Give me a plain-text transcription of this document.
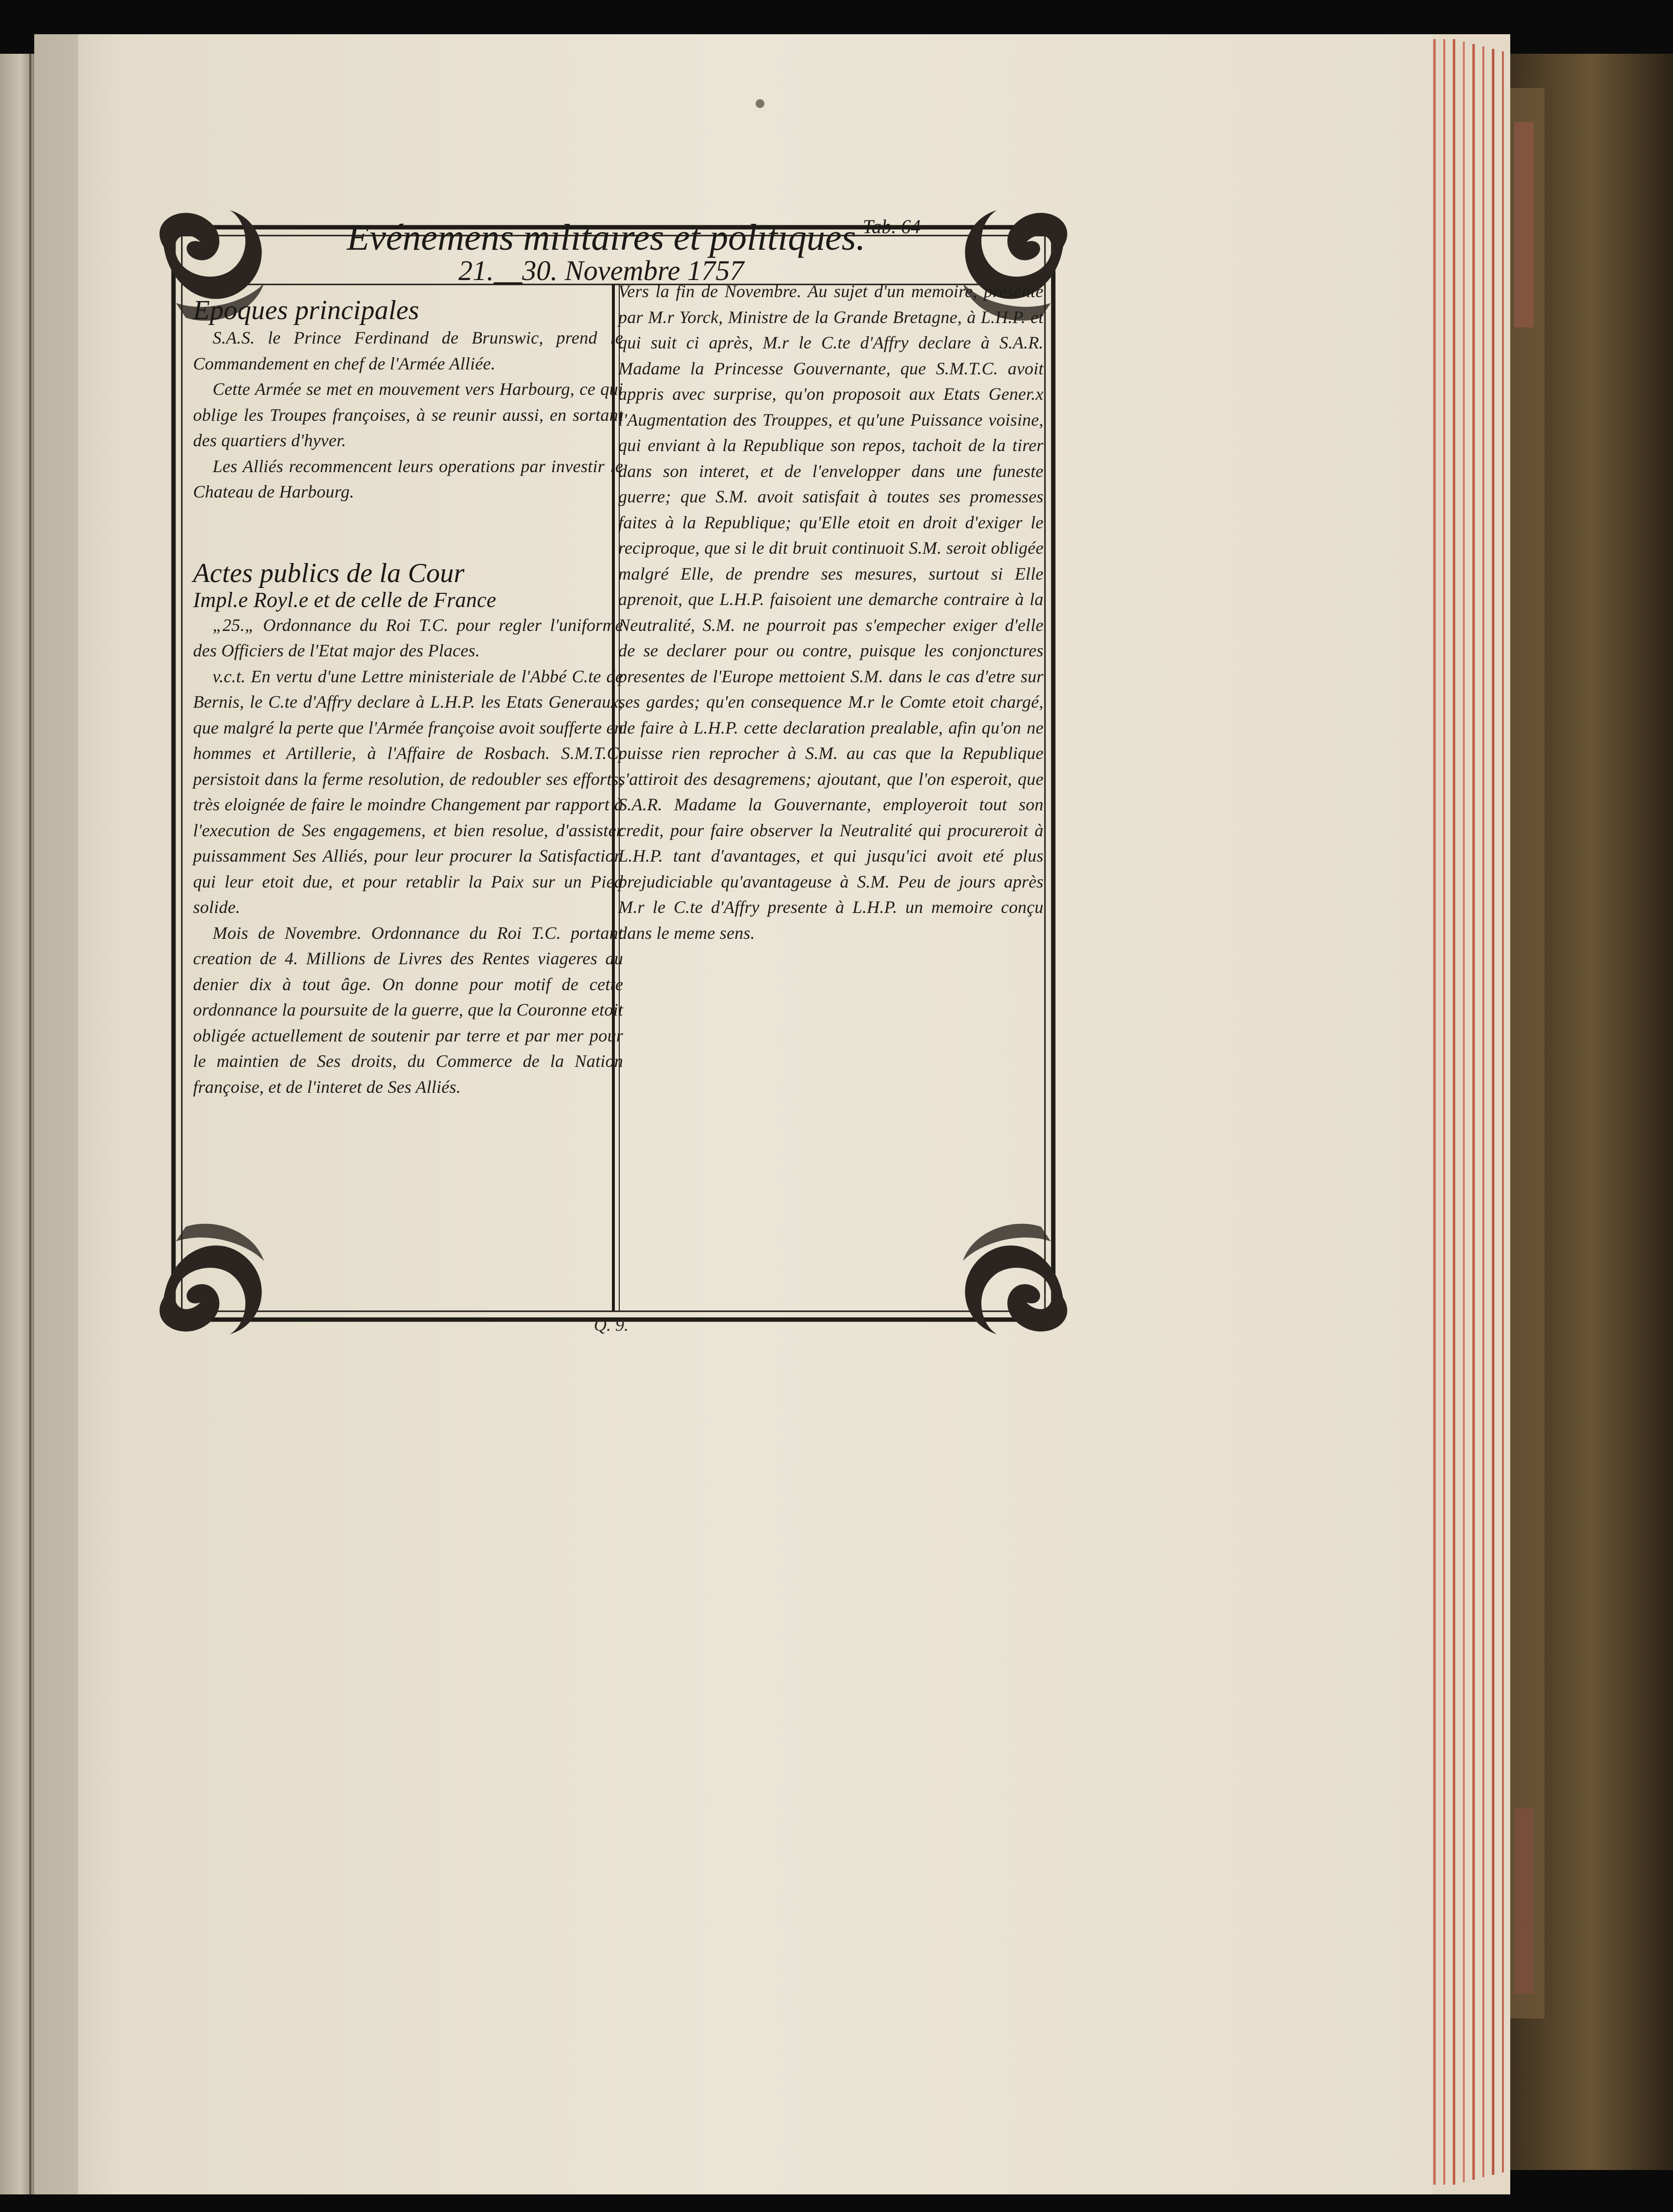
Evénemens militaires et politiques.
Tab. 64
21.__30. Novembre 1757

Epoques principales

S.A.S. le Prince Ferdinand de Brunswic, prend le Commandement en chef de l'Armée Alliée.

Cette Armée se met en mouvement vers Harbourg, ce qui oblige les Troupes françoises, à se reunir aussi, en sortant des quartiers d'hyver.

Les Alliés recommencent leurs operations par investir le Chateau de Harbourg.

Actes publics de la Cour

Impl.e Royl.e et de celle de France

„25.„ Ordonnance du Roi T.C. pour regler l'uniforme des Officiers de l'Etat major des Places.

v.c.t. En vertu d'une Lettre ministeriale de l'Abbé C.te de Bernis, le C.te d'Affry declare à L.H.P. les Etats Generaux, que malgré la perte que l'Armée françoise avoit soufferte en hommes et Artillerie, à l'Affaire de Rosbach. S.M.T.C. persistoit dans la ferme resolution, de redoubler ses efforts, très eloignée de faire le moindre Changement par rapport à l'execution de Ses engagemens, et bien resolue, d'assister puissamment Ses Alliés, pour leur procurer la Satisfaction qui leur etoit due, et pour retablir la Paix sur un Pied solide.

Mois de Novembre. Ordonnance du Roi T.C. portant creation de 4. Millions de Livres des Rentes viageres au denier dix à tout âge. On donne pour motif de cette ordonnance la poursuite de la guerre, que la Couronne etoit obligée actuellement de soutenir par terre et par mer pour le maintien de Ses droits, du Commerce de la Nation françoise, et de l'interet de Ses Alliés.

Vers la fin de Novembre. Au sujet d'un memoire, presenté par M.r Yorck, Ministre de la Grande Bretagne, à L.H.P. et qui suit ci après, M.r le C.te d'Affry declare à S.A.R. Madame la Princesse Gouvernante, que S.M.T.C. avoit appris avec surprise, qu'on proposoit aux Etats Gener.x l'Augmentation des Trouppes, et qu'une Puissance voisine, qui enviant à la Republique son repos, tachoit de la tirer dans son interet, et de l'envelopper dans une funeste guerre; que S.M. avoit satisfait à toutes ses promesses faites à la Republique; qu'Elle etoit en droit d'exiger le reciproque, que si le dit bruit continuoit S.M. seroit obligée malgré Elle, de prendre ses mesures, surtout si Elle aprenoit, que L.H.P. faisoient une demarche contraire à la Neutralité, S.M. ne pourroit pas s'empecher exiger d'elle de se declarer pour ou contre, puisque les conjonctures presentes de l'Europe mettoient S.M. dans le cas d'etre sur ses gardes; qu'en consequence M.r le Comte etoit chargé, de faire à L.H.P. cette declaration prealable, afin qu'on ne puisse rien reprocher à S.M. au cas que la Republique s'attiroit des desagremens; ajoutant, que l'on esperoit, que S.A.R. Madame la Gouvernante, employeroit tout son credit, pour faire observer la Neutralité qui procureroit à L.H.P. tant d'avantages, et qui jusqu'ici avoit eté plus prejudiciable qu'avantageuse à S.M. Peu de jours après M.r le C.te d'Affry presente à L.H.P. un memoire conçu dans le meme sens.

Q. 9.
